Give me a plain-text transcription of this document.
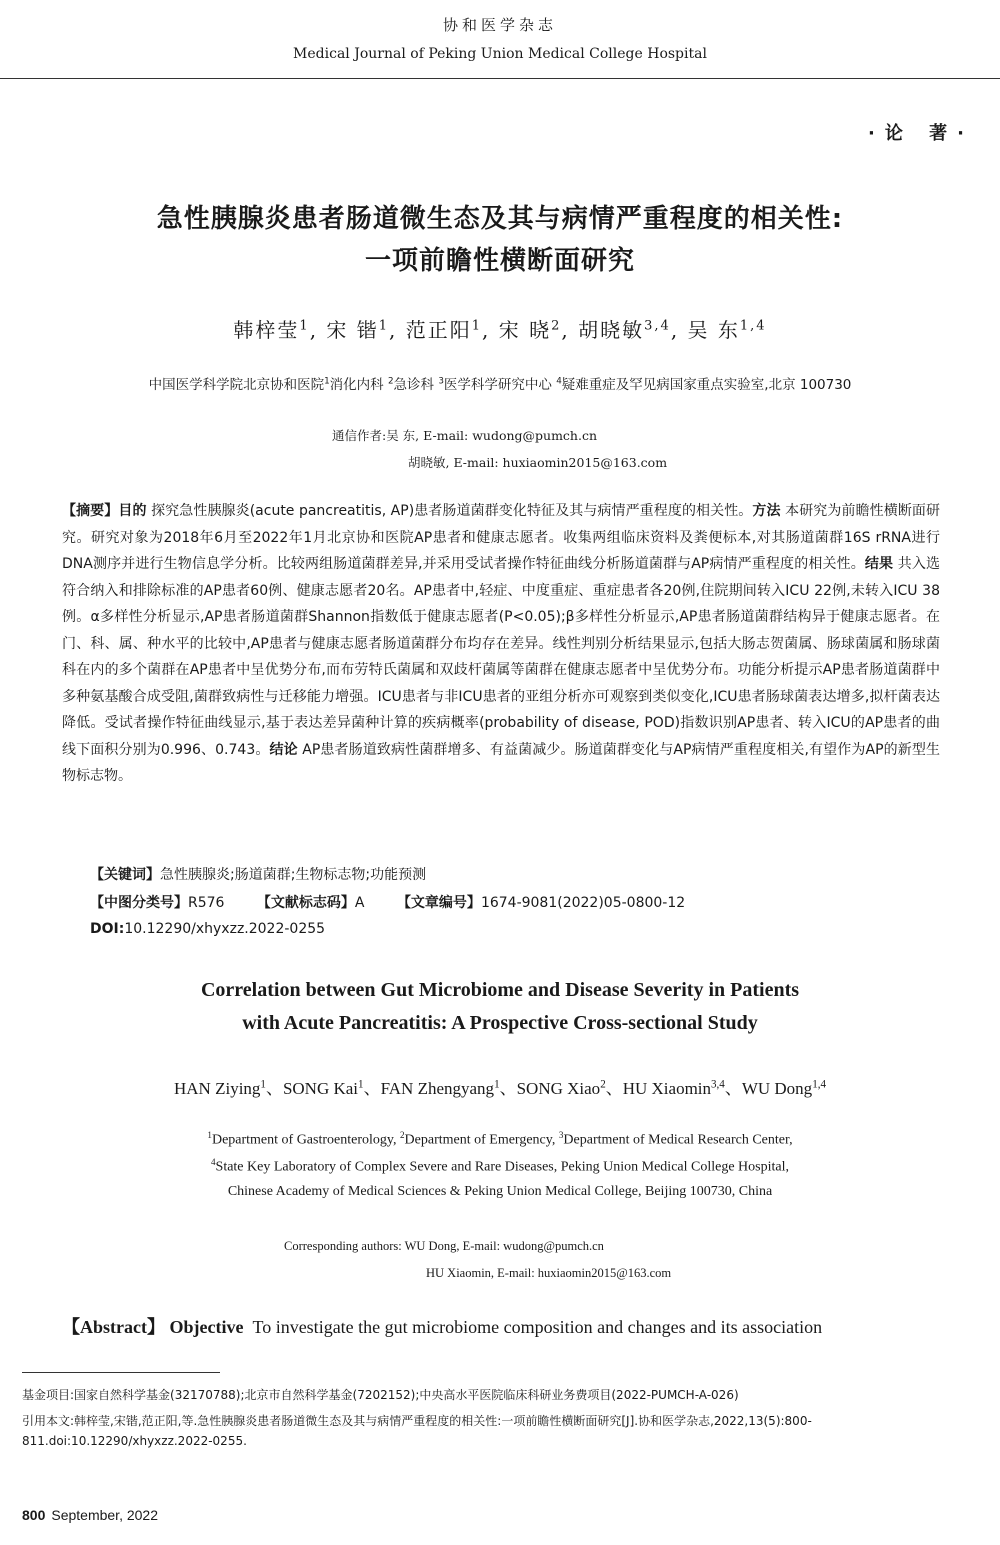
协和医学杂志
Medical Journal of Peking Union Medical College Hospital
·论 著·
急性胰腺炎患者肠道微生态及其与病情严重程度的相关性:
一项前瞻性横断面研究
韩梓莹$^1$, 宋 锴$^1$, 范正阳$^1$, 宋 晓$^2$, 胡晓敏$^{3,4}$, 吴 东$^{1,4}$
中国医学科学院北京协和医院$^1$消化内科 $^2$急诊科 $^3$医学科学研究中心 $^4$疑难重症及罕见病国家重点实验室,北京 100730
通信作者:吴 东, E-mail: wudong@pumch.cn
胡晓敏, E-mail: huxiaomin2015@163.com
【摘要】目的 探究急性胰腺炎(acute pancreatitis, AP)患者肠道菌群变化特征及其与病情严重程度的相关性。方法 本研究为前瞻性横断面研究。研究对象为2018年6月至2022年1月北京协和医院AP患者和健康志愿者。收集两组临床资料及粪便标本,对其肠道菌群16S rRNA进行DNA测序并进行生物信息学分析。比较两组肠道菌群差异,并采用受试者操作特征曲线分析肠道菌群与AP病情严重程度的相关性。结果 共入选符合纳入和排除标准的AP患者60例、健康志愿者20名。AP患者中,轻症、中度重症、重症患者各20例,住院期间转入ICU 22例,未转入ICU 38例。α多样性分析显示,AP患者肠道菌群Shannon指数低于健康志愿者(P<0.05);β多样性分析显示,AP患者肠道菌群结构异于健康志愿者。在门、科、属、种水平的比较中,AP患者与健康志愿者肠道菌群分布均存在差异。线性判别分析结果显示,包括大肠志贺菌属、肠球菌属和肠球菌科在内的多个菌群在AP患者中呈优势分布,而布劳特氏菌属和双歧杆菌属等菌群在健康志愿者中呈优势分布。功能分析提示AP患者肠道菌群中多种氨基酸合成受阻,菌群致病性与迁移能力增强。ICU患者与非ICU患者的亚组分析亦可观察到类似变化,ICU患者肠球菌表达增多,拟杆菌表达降低。受试者操作特征曲线显示,基于表达差异菌种计算的疾病概率(probability of disease, POD)指数识别AP患者、转入ICU的AP患者的曲线下面积分别为0.996、0.743。结论 AP患者肠道致病性菌群增多、有益菌减少。肠道菌群变化与AP病情严重程度相关,有望作为AP的新型生物标志物。
【关键词】急性胰腺炎;肠道菌群;生物标志物;功能预测
【中图分类号】R576 【文献标志码】A 【文章编号】1674-9081(2022)05-0800-12
DOI:10.12290/xhyxzz.2022-0255
Correlation between Gut Microbiome and Disease Severity in Patients
with Acute Pancreatitis: A Prospective Cross-sectional Study
HAN Ziying$^1$、SONG Kai$^1$、FAN Zhengyang$^1$、SONG Xiao$^2$、HU Xiaomin$^{3,4}$、WU Dong$^{1,4}$
$^1$Department of Gastroenterology, $^2$Department of Emergency, $^3$Department of Medical Research Center,
$^4$State Key Laboratory of Complex Severe and Rare Diseases, Peking Union Medical College Hospital,
Chinese Academy of Medical Sciences & Peking Union Medical College, Beijing 100730, China
Corresponding authors: WU Dong, E-mail: wudong@pumch.cn
HU Xiaomin, E-mail: huxiaomin2015@163.com
【Abstract】 Objective To investigate the gut microbiome composition and changes and its association
基金项目:国家自然科学基金(32170788);北京市自然科学基金(7202152);中央高水平医院临床科研业务费项目(2022-PUMCH-A-026)
引用本文:韩梓莹,宋锴,范正阳,等.急性胰腺炎患者肠道微生态及其与病情严重程度的相关性:一项前瞻性横断面研究[J].协和医学杂志,2022,13(5):800-811.doi:10.12290/xhyxzz.2022-0255.
800 September, 2022
